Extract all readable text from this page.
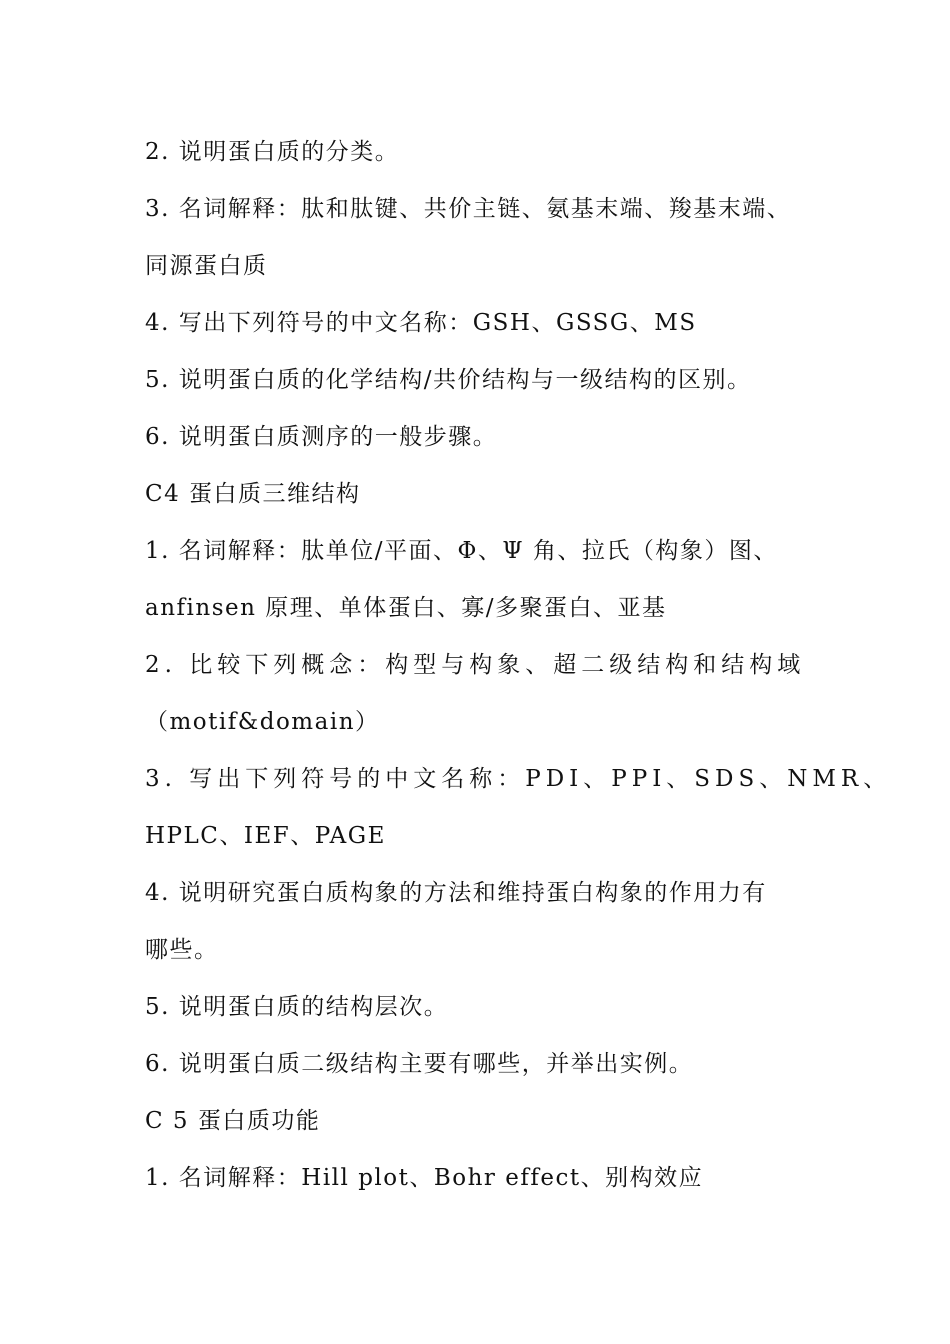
2. 说明蛋白质的分类。
3. 名词解释：肽和肽键、共价主链、氨基末端、羧基末端、
同源蛋白质
4. 写出下列符号的中文名称：GSH、GSSG、MS
5. 说明蛋白质的化学结构/共价结构与一级结构的区别。
6. 说明蛋白质测序的一般步骤。
C4 蛋白质三维结构
1. 名词解释：肽单位/平面、Φ、Ψ 角、拉氏（构象）图、
anfinsen 原理、单体蛋白、寡/多聚蛋白、亚基
2. 比较下列概念：构型与构象、超二级结构和结构域
（motif&domain）
3. 写出下列符号的中文名称：PDI、PPI、SDS、NMR、
HPLC、IEF、PAGE
4. 说明研究蛋白质构象的方法和维持蛋白构象的作用力有
哪些。
5. 说明蛋白质的结构层次。
6. 说明蛋白质二级结构主要有哪些，并举出实例。
C 5 蛋白质功能
1. 名词解释：Hill plot、Bohr effect、别构效应
